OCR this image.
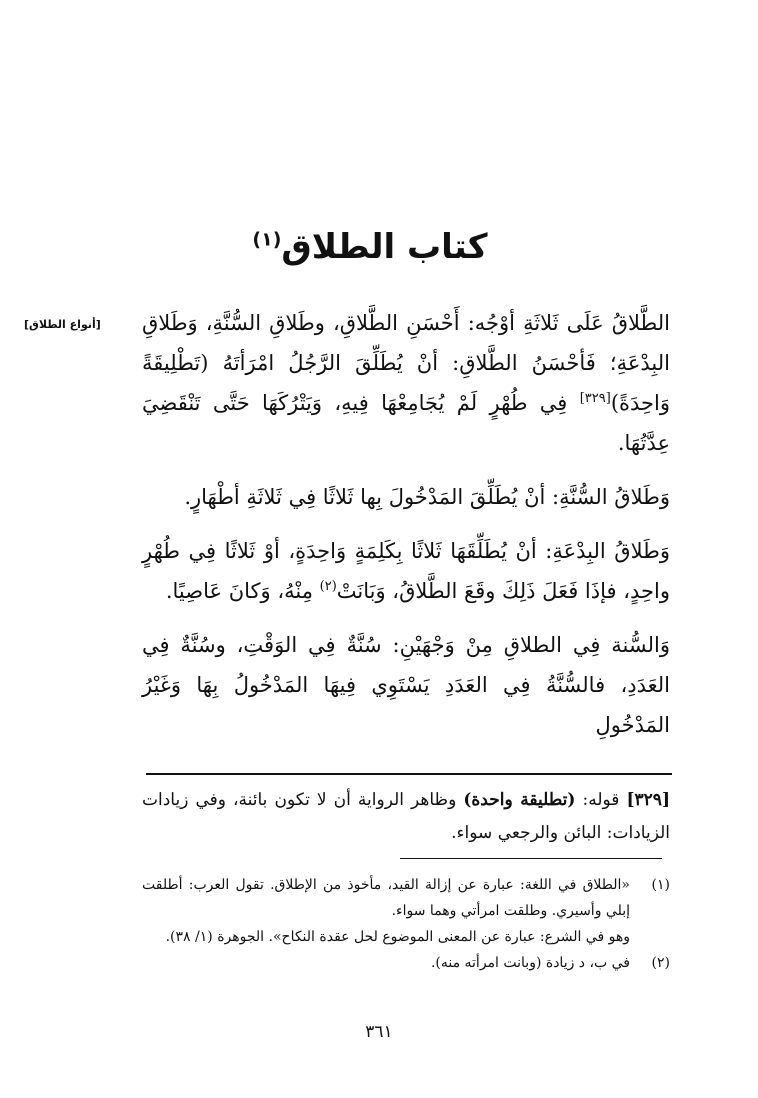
كتاب الطلاق$^{(١)}$
[أنواع الطلاق]	الطَّلاقُ عَلَى ثَلاثَةِ أوْجُه: أَحْسَنِ الطَّلاقِ، وطَلاقِ السُّنَّةِ، وَطَلاقِ البِدْعَةِ؛ فَأحْسَنُ الطَّلاقِ: أنْ يُطَلِّقَ الرَّجُلُ امْرَأتَهُ (تَطْلِيقَةً وَاحِدَةً)[٣٢٩] فِي طُهْرٍ لَمْ يُجَامِعْهَا فِيهِ، وَيَتْرُكَهَا حَتَّى تَنْقَضِيَ عِدَّتُهَا.

وَطَلاقُ السُّنَّةِ: أنْ يُطَلِّقَ المَدْخُولَ بِها ثَلاثًا فِي ثَلاثَةِ أطْهَارٍ.

وَطَلاقُ البِدْعَةِ: أنْ يُطَلِّقَهَا ثَلاثًا بِكَلِمَةٍ وَاحِدَةٍ، أوْ ثَلاثًا فِي طُهْرٍ واحِدٍ، فإذَا فَعَلَ ذَلِكَ وقَعَ الطَّلاقُ، وَبَانَتْ$^{(٢)}$ مِنْهُ، وَكانَ عَاصِيًا.

وَالسُّنة فِي الطلاقِ مِنْ وَجْهَيْنِ: سُنَّةٌ فِي الوَقْتِ، وسُنَّةٌ فِي العَدَدِ، فالسُّنَّةُ فِي العَدَدِ يَسْتَوِي فِيهَا المَدْخُولُ بِهَا وَغَيْرُ المَدْخُولِ

[٣٢٩] قوله: (تطليقة واحدة) وظاهر الرواية أن لا تكون بائنة، وفي زيادات الزيادات: البائن والرجعي سواء.

(١)
«الطلاق في اللغة: عبارة عن إزالة القيد، مأخوذ من الإطلاق. تقول العرب: أطلقت إبلي وأسيري. وطلقت امرأتي وهما سواء.

وهو في الشرع: عبارة عن المعنى الموضوع لحل عقدة النكاح». الجوهرة (١/ ٣٨).

(٢)
في ب، د زيادة (وبانت امرأته منه).

٣٦١
